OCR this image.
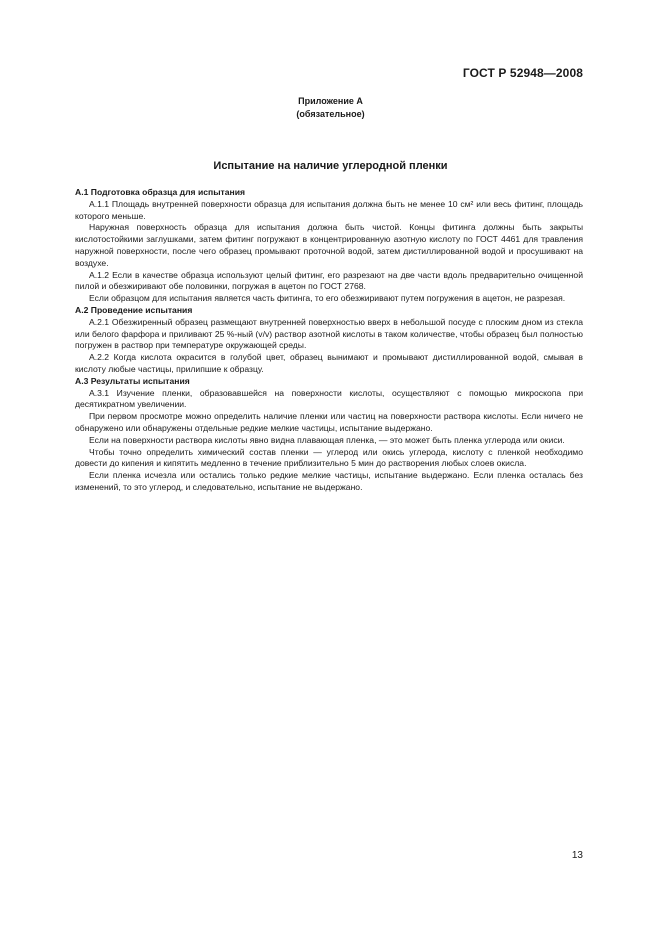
ГОСТ Р 52948—2008
Приложение А
(обязательное)
Испытание на наличие углеродной пленки

А.1 Подготовка образца для испытания

А.1.1 Площадь внутренней поверхности образца для испытания должна быть не менее 10 см² или весь фитинг, площадь которого меньше.

Наружная поверхность образца для испытания должна быть чистой. Концы фитинга должны быть закрыты кислотостойкими заглушками, затем фитинг погружают в концентрированную азотную кислоту по ГОСТ 4461 для травления наружной поверхности, после чего образец промывают проточной водой, затем дистиллированной водой и просушивают на воздухе.

А.1.2 Если в качестве образца используют целый фитинг, его разрезают на две части вдоль предварительно очищенной пилой и обезжиривают обе половинки, погружая в ацетон по ГОСТ 2768.

Если образцом для испытания является часть фитинга, то его обезжиривают путем погружения в ацетон, не разрезая.

А.2 Проведение испытания

А.2.1 Обезжиренный образец размещают внутренней поверхностью вверх в небольшой посуде с плоским дном из стекла или белого фарфора и приливают 25 %-ный (v/v) раствор азотной кислоты в таком количестве, чтобы образец был полностью погружен в раствор при температуре окружающей среды.

А.2.2 Когда кислота окрасится в голубой цвет, образец вынимают и промывают дистиллированной водой, смывая в кислоту любые частицы, прилипшие к образцу.

А.3 Результаты испытания

А.3.1 Изучение пленки, образовавшейся на поверхности кислоты, осуществляют с помощью микроскопа при десятикратном увеличении.

При первом просмотре можно определить наличие пленки или частиц на поверхности раствора кислоты. Если ничего не обнаружено или обнаружены отдельные редкие мелкие частицы, испытание выдержано.

Если на поверхности раствора кислоты явно видна плавающая пленка, — это может быть пленка углерода или окиси.

Чтобы точно определить химический состав пленки — углерод или окись углерода, кислоту с пленкой необходимо довести до кипения и кипятить медленно в течение приблизительно 5 мин до растворения любых слоев окисла.

Если пленка исчезла или остались только редкие мелкие частицы, испытание выдержано. Если пленка осталась без изменений, то это углерод, и следовательно, испытание не выдержано.

13
